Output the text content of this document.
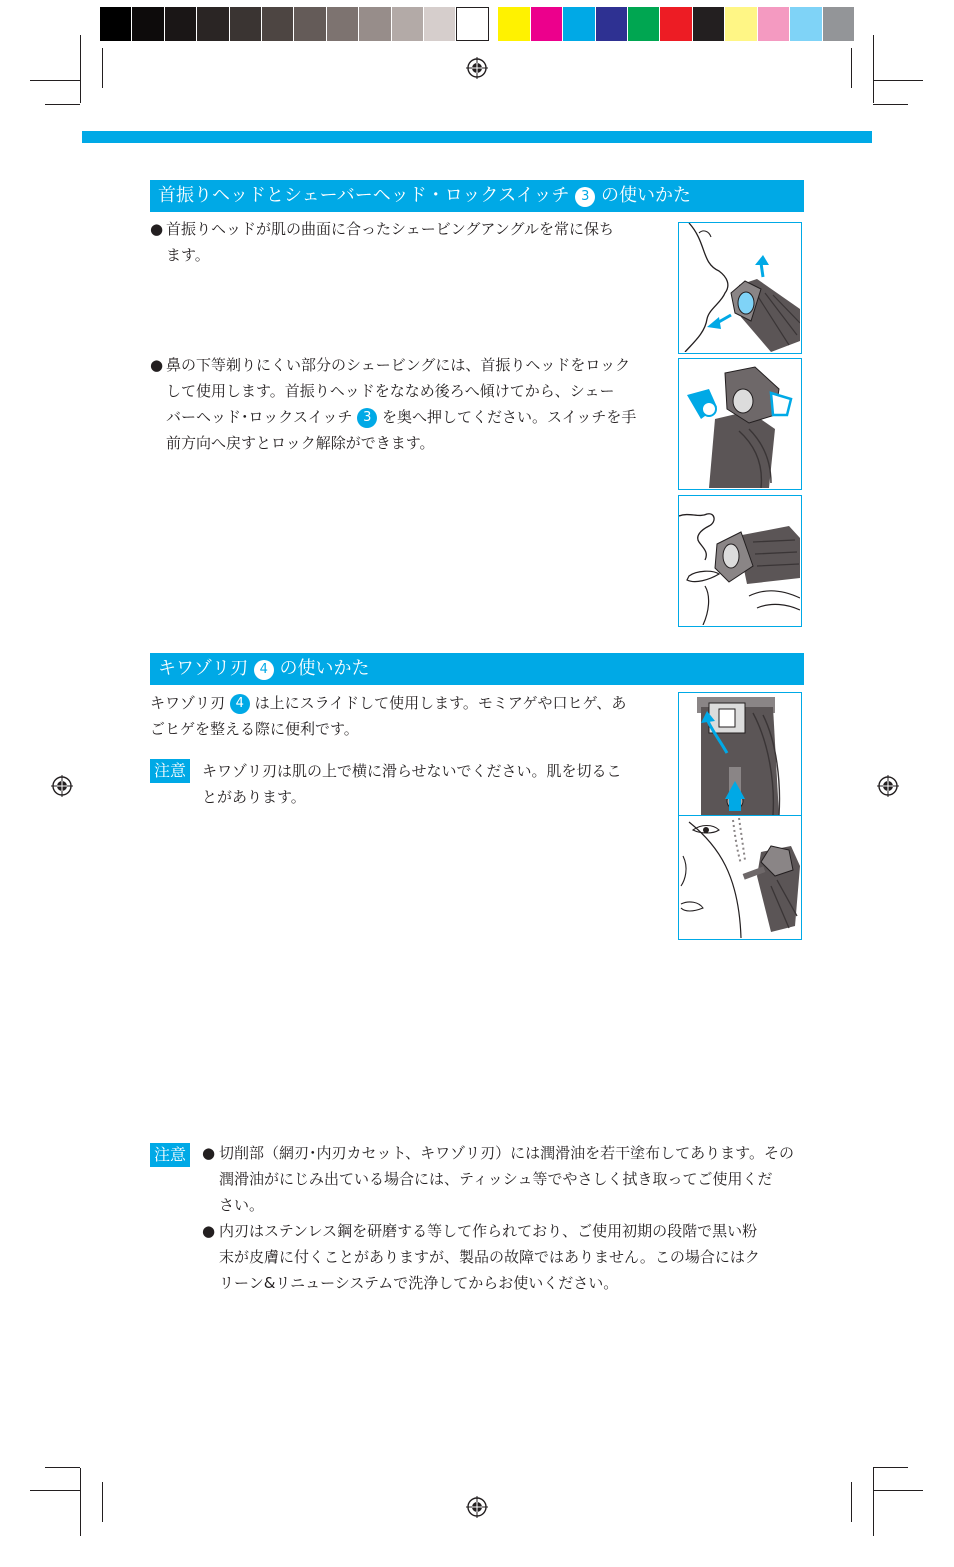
首振りヘッドとシェーバーヘッド・ロックスイッチ 3 の使いかた
● 首振りヘッドが肌の曲面に合ったシェービングアングルを常に保ち
ます。
● 鼻の下等剃りにくい部分のシェービングには、首振りヘッドをロック
して使用します。首振りヘッドをななめ後ろへ傾けてから、シェー
バーヘッド･ロックスイッチ 3 を奥へ押してください。スイッチを手
前方向へ戻すとロック解除ができます。
キワゾリ刃 4 の使いかた
キワゾリ刃 4 は上にスライドして使用します。モミアゲや口ヒゲ、あ
ごヒゲを整える際に便利です。
注意 キワゾリ刃は肌の上で横に滑らせないでください。肌を切るこ
とがあります。
注意 ● 切削部（網刃･内刃カセット、キワゾリ刃）には潤滑油を若干塗布してあります。その
潤滑油がにじみ出ている場合には、ティッシュ等でやさしく拭き取ってご使用くだ
さい。
● 内刃はステンレス鋼を研磨する等して作られており、ご使用初期の段階で黒い粉
末が皮膚に付くことがありますが、製品の故障ではありません。この場合にはク
リーン&リニューシステムで洗浄してからお使いください。
